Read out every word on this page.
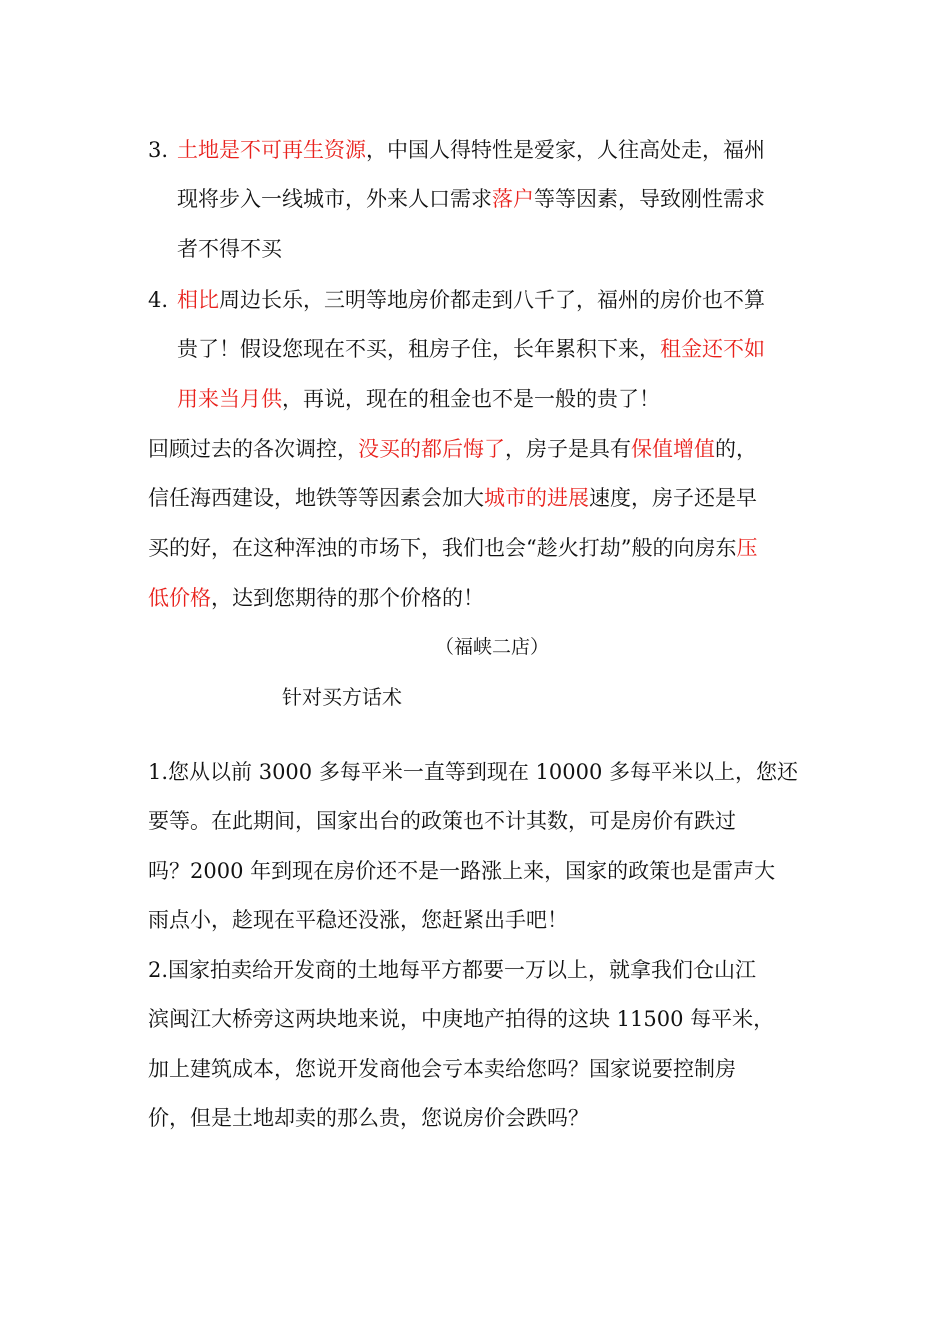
3. 土地是不可再生资源，中国人得特性是爱家，人往高处走，福州
现将步入一线城市，外来人口需求落户等等因素，导致刚性需求
者不得不买
4. 相比周边长乐，三明等地房价都走到八千了，福州的房价也不算
贵了！假设您现在不买，租房子住，长年累积下来，租金还不如
用来当月供，再说，现在的租金也不是一般的贵了！
回顾过去的各次调控，没买的都后悔了，房子是具有保值增值的，
信任海西建设，地铁等等因素会加大城市的进展速度，房子还是早
买的好，在这种浑浊的市场下，我们也会“趁火打劫”般的向房东压
低价格，达到您期待的那个价格的！
（福峡二店）
针对买方话术
1.您从以前 3000 多每平米一直等到现在 10000 多每平米以上，您还
要等。在此期间，国家出台的政策也不计其数，可是房价有跌过
吗？2000 年到现在房价还不是一路涨上来，国家的政策也是雷声大
雨点小，趁现在平稳还没涨，您赶紧出手吧！
2.国家拍卖给开发商的土地每平方都要一万以上，就拿我们仓山江
滨闽江大桥旁这两块地来说，中庚地产拍得的这块 11500 每平米，
加上建筑成本，您说开发商他会亏本卖给您吗？国家说要控制房
价，但是土地却卖的那么贵，您说房价会跌吗？
